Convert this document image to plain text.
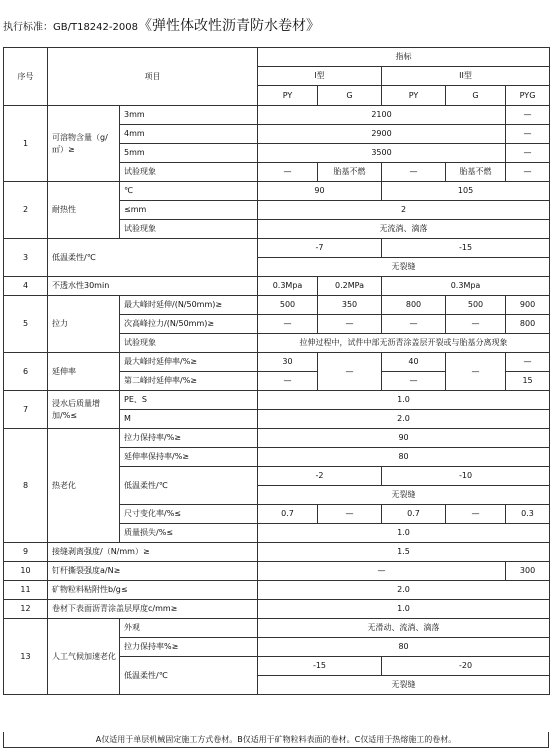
执行标准：GB/T18242-2008《弹性体改性沥青防水卷材》
序号	项目		指标				
			I型		II型		
			PY	G	PY	G	PYG
1	可溶物含量（g/㎡）≥	3mm	2100				—
		4mm	2900				—
		5mm	3500				—
		试验现象	—	胎基不燃	—	胎基不燃	—
2	耐热性	℃	90		105		
		≤mm	2				
		试验现象	无流淌、滴落				
3	低温柔性/℃		-7		-15		
			无裂缝				
4	不透水性30min		0.3Mpa	0.2MPa	0.3Mpa		
5	拉力	最大峰时延伸/(N/50mm)≥	500	350	800	500	900
		次高峰拉力/(N/50mm)≥	—	—	—	—	800
		试验现象	拉伸过程中，试件中部无沥青涂盖层开裂或与胎基分离现象				
6	延伸率	最大峰时延伸率/%≥	30	—	40	—	—
		第二峰时延伸率/%≥	—		—		15
7	浸水后质量增加/%≤	PE、S	1.0				
		M	2.0				
8	热老化	拉力保持率/%≥	90				
		延伸率保持率/%≥	80				
		低温柔性/℃	-2		-10		
			无裂缝				
		尺寸变化率/%≤	0.7	—	0.7	—	0.3
		质量损失/%≤	1.0				
9	接缝剥离强度/（N/mm）≥		1.5				
10	钉杆撕裂强度a/N≥		—				300
11	矿物粒料粘附性b/g≤		2.0				
12	卷材下表面沥青涂盖层厚度c/mm≥		1.0				
13	人工气候加速老化	外观	无滑动、流淌、滴落				
		拉力保持率%≥	80				
		低温柔性/℃	-15		-20		
			无裂缝				
A仅适用于单层机械固定施工方式卷材。B仅适用于矿物粒料表面的卷材。C仅适用于热熔施工的卷材。
